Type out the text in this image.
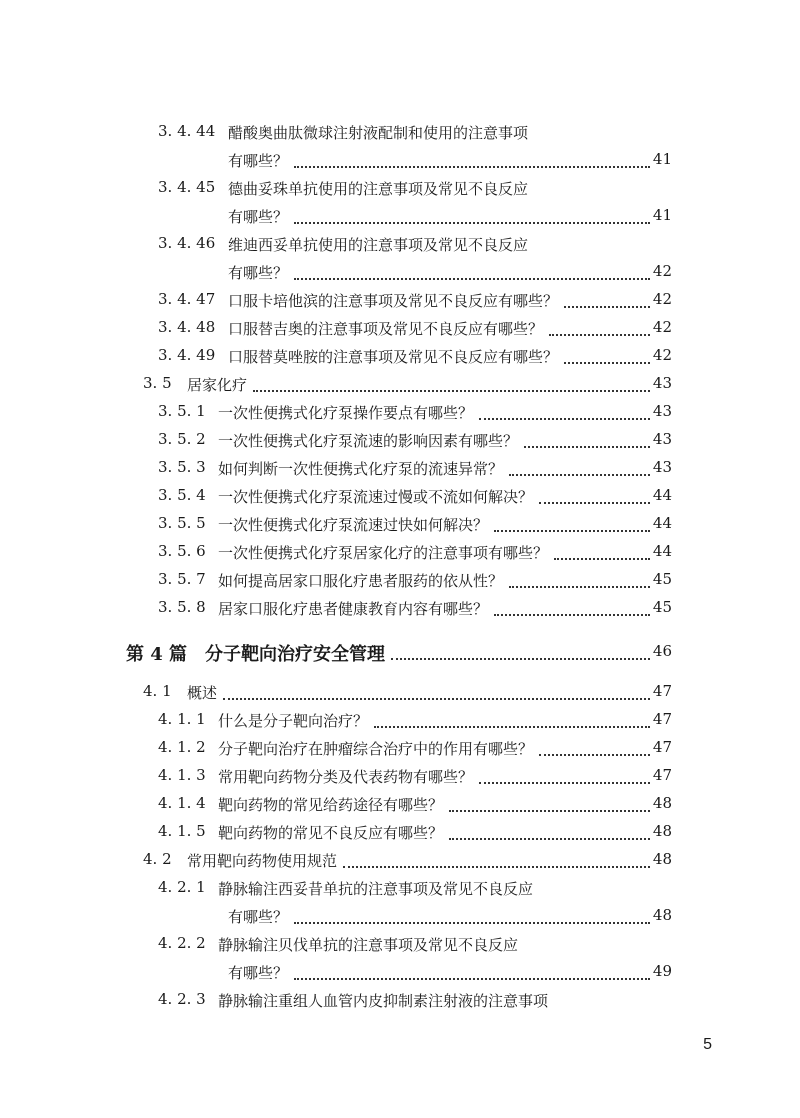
3. 4. 44 醋酸奥曲肽微球注射液配制和使用的注意事项
有哪些？	41
3. 4. 45 德曲妥珠单抗使用的注意事项及常见不良反应
有哪些？	41
3. 4. 46 维迪西妥单抗使用的注意事项及常见不良反应
有哪些？	42
3. 4. 47 口服卡培他滨的注意事项及常见不良反应有哪些？	42
3. 4. 48 口服替吉奥的注意事项及常见不良反应有哪些？	42
3. 4. 49 口服替莫唑胺的注意事项及常见不良反应有哪些？	42
3. 5 居家化疗	43
3. 5. 1 一次性便携式化疗泵操作要点有哪些？	43
3. 5. 2 一次性便携式化疗泵流速的影响因素有哪些？	43
3. 5. 3 如何判断一次性便携式化疗泵的流速异常？	43
3. 5. 4 一次性便携式化疗泵流速过慢或不流如何解决？	44
3. 5. 5 一次性便携式化疗泵流速过快如何解决？	44
3. 5. 6 一次性便携式化疗泵居家化疗的注意事项有哪些？	44
3. 5. 7 如何提高居家口服化疗患者服药的依从性？	45
3. 5. 8 居家口服化疗患者健康教育内容有哪些？	45
第 4 篇 分子靶向治疗安全管理	46
4. 1 概述	47
4. 1. 1 什么是分子靶向治疗？	47
4. 1. 2 分子靶向治疗在肿瘤综合治疗中的作用有哪些？	47
4. 1. 3 常用靶向药物分类及代表药物有哪些？	47
4. 1. 4 靶向药物的常见给药途径有哪些？	48
4. 1. 5 靶向药物的常见不良反应有哪些？	48
4. 2 常用靶向药物使用规范	48
4. 2. 1 静脉输注西妥昔单抗的注意事项及常见不良反应
有哪些？	48
4. 2. 2 静脉输注贝伐单抗的注意事项及常见不良反应
有哪些？	49
4. 2. 3 静脉输注重组人血管内皮抑制素注射液的注意事项
5
